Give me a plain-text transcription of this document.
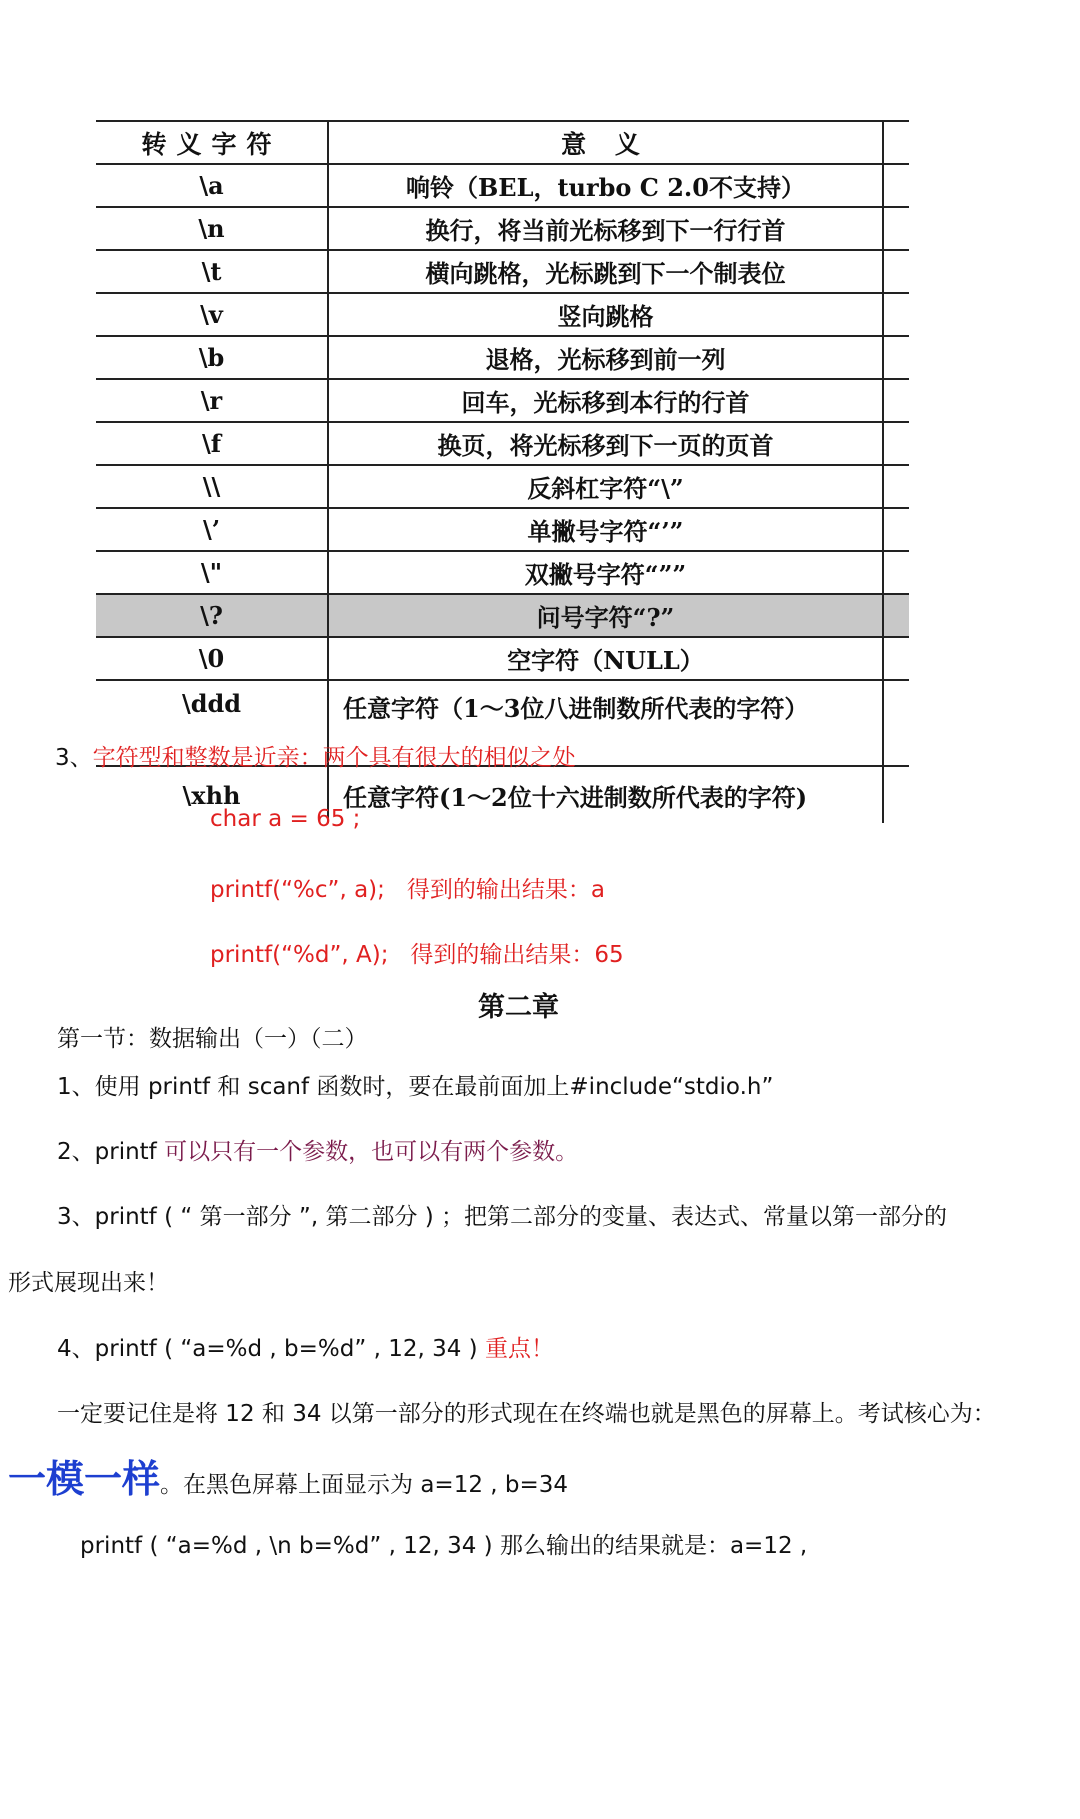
转义字符	意 义	
\a	响铃（BEL，turbo C 2.0不支持）	
\n	换行，将当前光标移到下一行行首	
\t	横向跳格，光标跳到下一个制表位	
\v	竖向跳格	
\b	退格，光标移到前一列	
\r	回车，光标移到本行的行首	
\f	换页，将光标移到下一页的页首	
\\	反斜杠字符“\”	
\’	单撇号字符“’”	
\"	双撇号字符“””	
\?	问号字符“?”	
\0	空字符（NULL）	
\ddd	任意字符（1～3位八进制数所代表的字符）	
\xhh	任意字符(1～2位十六进制数所代表的字符)	
3、字符型和整数是近亲：两个具有很大的相似之处
char a = 65 ;
printf(“%c”, a); 得到的输出结果：a
printf(“%d”, A); 得到的输出结果：65
第二章
第一节：数据输出（一）（二）
1、使用 printf 和 scanf 函数时，要在最前面加上#include“stdio.h”
2、printf 可以只有一个参数，也可以有两个参数。
3、printf ( “ 第一部分 ”, 第二部分 ) ；把第二部分的变量、表达式、常量以第一部分的
形式展现出来！
4、printf ( “a=%d , b=%d” , 12, 34 ) 重点！
一定要记住是将 12 和 34 以第一部分的形式现在在终端也就是黑色的屏幕上。考试核心为：
一模一样。在黑色屏幕上面显示为 a=12 , b=34
printf ( “a=%d , \n b=%d” , 12, 34 ) 那么输出的结果就是：a=12 ,
